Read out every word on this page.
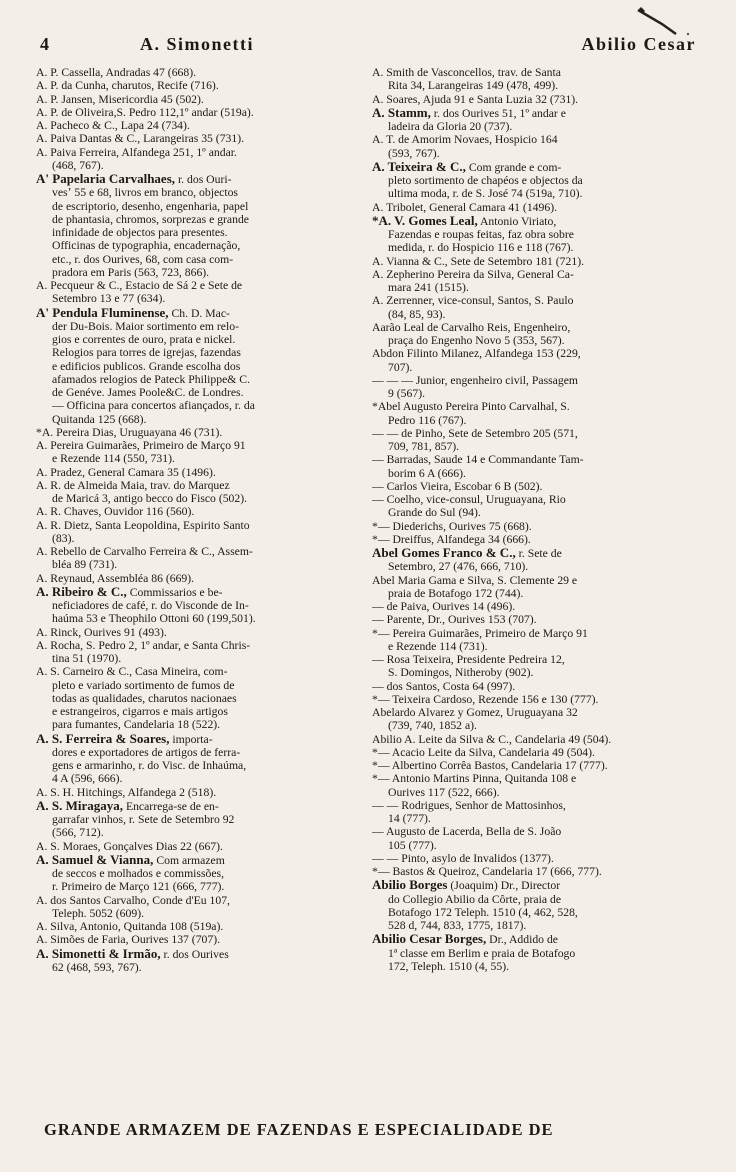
4	A. Simonetti	Abilio Cesar

A. P. Cassella, Andradas 47 (668).

A. P. da Cunha, charutos, Recife (716).

A. P. Jansen, Misericordia 45 (502).

A. P. de Oliveira,S. Pedro 112,1º andar (519a).

A. Pacheco & C., Lapa 24 (734).

A. Paiva Dantas & C., Larangeiras 35 (731).

A. Paiva Ferreira, Alfandega 251, 1º andar.
(468, 767).

A' Papelaria Carvalhaes, r. dos Ouri-
vesʼ 55 e 68, livros em branco, objectos
de escriptorio, desenho, engenharia, papel
de phantasia, chromos, sorprezas e grande
infinidade de objectos para presentes.
Officinas de typographia, encadernação,
etc., r. dos Ourives, 68, com casa com-
pradora em Paris (563, 723, 866).

A. Pecqueur & C., Estacio de Sá 2 e Sete de
Setembro 13 e 77 (634).

A' Pendula Fluminense, Ch. D. Mac-
der Du-Bois. Maior sortimento em relo-
gios e correntes de ouro, prata e nickel.
Relogios para torres de igrejas, fazendas
e edificios publicos. Grande escolha dos
afamados relogios de Pateck Philippe& C.
de Genéve. James Poole&C. de Londres.
— Officina para concertos afiançados, r. da
Quitanda 125 (668).

*A. Pereira Dias, Uruguayana 46 (731).

A. Pereira Guimarães, Primeiro de Março 91
e Rezende 114 (550, 731).

A. Pradez, General Camara 35 (1496).

A. R. de Almeida Maia, trav. do Marquez
de Maricá 3, antigo becco do Fisco (502).

A. R. Chaves, Ouvidor 116 (560).

A. R. Dietz, Santa Leopoldina, Espirito Santo
(83).

A. Rebello de Carvalho Ferreira & C., Assem-
bléa 89 (731).

A. Reynaud, Assembléa 86 (669).

A. Ribeiro & C., Commissarios e be-
neficiadores de café, r. do Visconde de In-
haúma 53 e Theophilo Ottoni 60 (199,501).

A. Rinck, Ourives 91 (493).

A. Rocha, S. Pedro 2, 1º andar, e Santa Chris-
tina 51 (1970).

A. S. Carneiro & C., Casa Mineira, com-
pleto e variado sortimento de fumos de
todas as qualidades, charutos nacionaes
e estrangeiros, cigarros e mais artigos
para fumantes, Candelaria 18 (522).

A. S. Ferreira & Soares, importa-
dores e exportadores de artigos de ferra-
gens e armarinho, r. do Visc. de Inhaúma,
4 A (596, 666).

A. S. H. Hitchings, Alfandega 2 (518).

A. S. Miragaya, Encarrega-se de en-
garrafar vinhos, r. Sete de Setembro 92
(566, 712).

A. S. Moraes, Gonçalves Dias 22 (667).

A. Samuel & Vianna, Com armazem
de seccos e molhados e commissões,
r. Primeiro de Março 121 (666, 777).

A. dos Santos Carvalho, Conde d'Eu 107,
Teleph. 5052 (609).

A. Silva, Antonio, Quitanda 108 (519a).

A. Simões de Faria, Ourives 137 (707).

A. Simonetti & Irmão, r. dos Ourives
62 (468, 593, 767).

A. Smith de Vasconcellos, trav. de Santa
Rita 34, Larangeiras 149 (478, 499).

A. Soares, Ajuda 91 e Santa Luzia 32 (731).

A. Stamm, r. dos Ourives 51, 1º andar e
ladeira da Gloria 20 (737).

A. T. de Amorim Novaes, Hospicio 164
(593, 767).

A. Teixeira & C., Com grande e com-
pleto sortimento de chapéos e objectos da
ultima moda, r. de S. José 74 (519a, 710).

A. Tribolet, General Camara 41 (1496).

*A. V. Gomes Leal, Antonio Viriato,
Fazendas e roupas feitas, faz obra sobre
medida, r. do Hospicio 116 e 118 (767).

A. Vianna & C., Sete de Setembro 181 (721).

A. Zepherino Pereira da Silva, General Ca-
mara 241 (1515).

A. Zerrenner, vice-consul, Santos, S. Paulo
(84, 85, 93).

Aarão Leal de Carvalho Reis, Engenheiro,
praça do Engenho Novo 5 (353, 567).

Abdon Filinto Milanez, Alfandega 153 (229,
707).

— — — Junior, engenheiro civil, Passagem
9 (567).

*Abel Augusto Pereira Pinto Carvalhal, S.
Pedro 116 (767).

— — de Pinho, Sete de Setembro 205 (571,
709, 781, 857).

— Barradas, Saude 14 e Commandante Tam-
borim 6 A (666).

— Carlos Vieira, Escobar 6 B (502).

— Coelho, vice-consul, Uruguayana, Rio
Grande do Sul (94).

*— Diederichs, Ourives 75 (668).

*— Dreiffus, Alfandega 34 (666).

Abel Gomes Franco & C., r. Sete de
Setembro, 27 (476, 666, 710).

Abel Maria Gama e Silva, S. Clemente 29 e
praia de Botafogo 172 (744).

— de Paiva, Ourives 14 (496).

— Parente, Dr., Ourives 153 (707).

*— Pereira Guimarães, Primeiro de Março 91
e Rezende 114 (731).

— Rosa Teixeira, Presidente Pedreira 12,
S. Domingos, Nitheroby (902).

— dos Santos, Costa 64 (997).

*— Teixeira Cardoso, Rezende 156 e 130 (777).

Abelardo Alvarez y Gomez, Uruguayana 32
(739, 740, 1852 a).

Abilio A. Leite da Silva & C., Candelaria 49 (504).

*— Acacio Leite da Silva, Candelaria 49 (504).

*— Albertino Corrêa Bastos, Candelaria 17 (777).

*— Antonio Martins Pinna, Quitanda 108 e
Ourives 117 (522, 666).

— — Rodrigues, Senhor de Mattosinhos,
14 (777).

— Augusto de Lacerda, Bella de S. João
105 (777).

— — Pinto, asylo de Invalidos (1377).

*— Bastos & Queiroz, Candelaria 17 (666, 777).

Abilio Borges (Joaquim) Dr., Director
do Collegio Abilio da Côrte, praia de
Botafogo 172 Teleph. 1510 (4, 462, 528,
528 d, 744, 833, 1775, 1817).

Abilio Cesar Borges, Dr., Addido de
1ª classe em Berlim e praia de Botafogo
172, Teleph. 1510 (4, 55).

GRANDE ARMAZEM DE FAZENDAS E ESPECIALIDADE DE
